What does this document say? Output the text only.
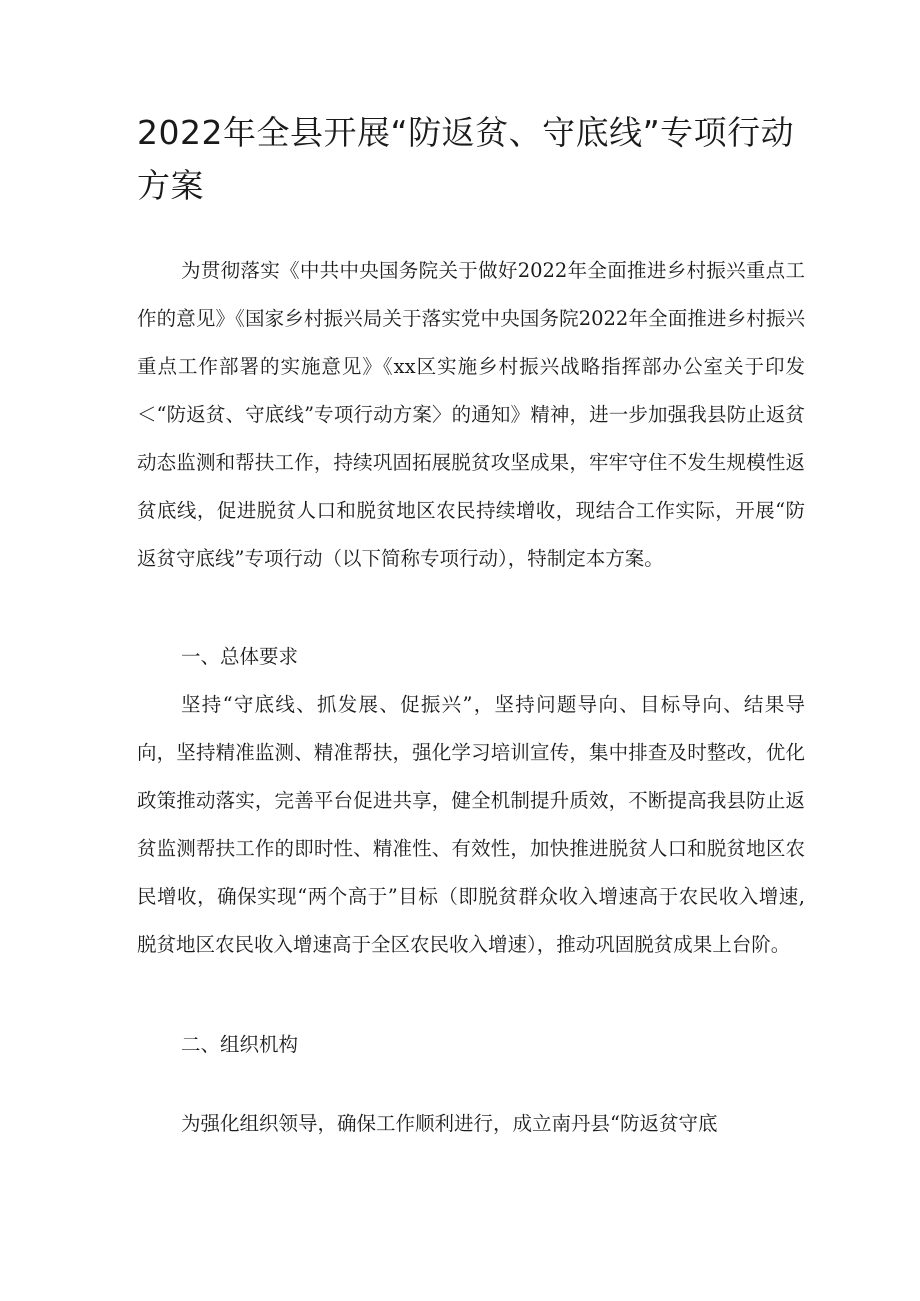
2022年全县开展“防返贫、守底线”专项行动方案

为贯彻落实《中共中央国务院关于做好2022年全面推进乡村振兴重点工作的意见》《国家乡村振兴局关于落实党中央国务院2022年全面推进乡村振兴重点工作部署的实施意见》《xx区实施乡村振兴战略指挥部办公室关于印发＜“防返贫、守底线”专项行动方案〉的通知》精神，进一步加强我县防止返贫动态监测和帮扶工作，持续巩固拓展脱贫攻坚成果，牢牢守住不发生规模性返贫底线，促进脱贫人口和脱贫地区农民持续增收，现结合工作实际，开展“防返贫守底线”专项行动（以下简称专项行动），特制定本方案。

一、总体要求

坚持“守底线、抓发展、促振兴”，坚持问题导向、目标导向、结果导向，坚持精准监测、精准帮扶，强化学习培训宣传，集中排查及时整改，优化政策推动落实，完善平台促进共享，健全机制提升质效，不断提高我县防止返贫监测帮扶工作的即时性、精准性、有效性，加快推进脱贫人口和脱贫地区农民增收，确保实现“两个高于”目标（即脱贫群众收入增速高于农民收入增速,脱贫地区农民收入增速高于全区农民收入增速），推动巩固脱贫成果上台阶。

二、组织机构

为强化组织领导，确保工作顺利进行，成立南丹县“防返贫守底
